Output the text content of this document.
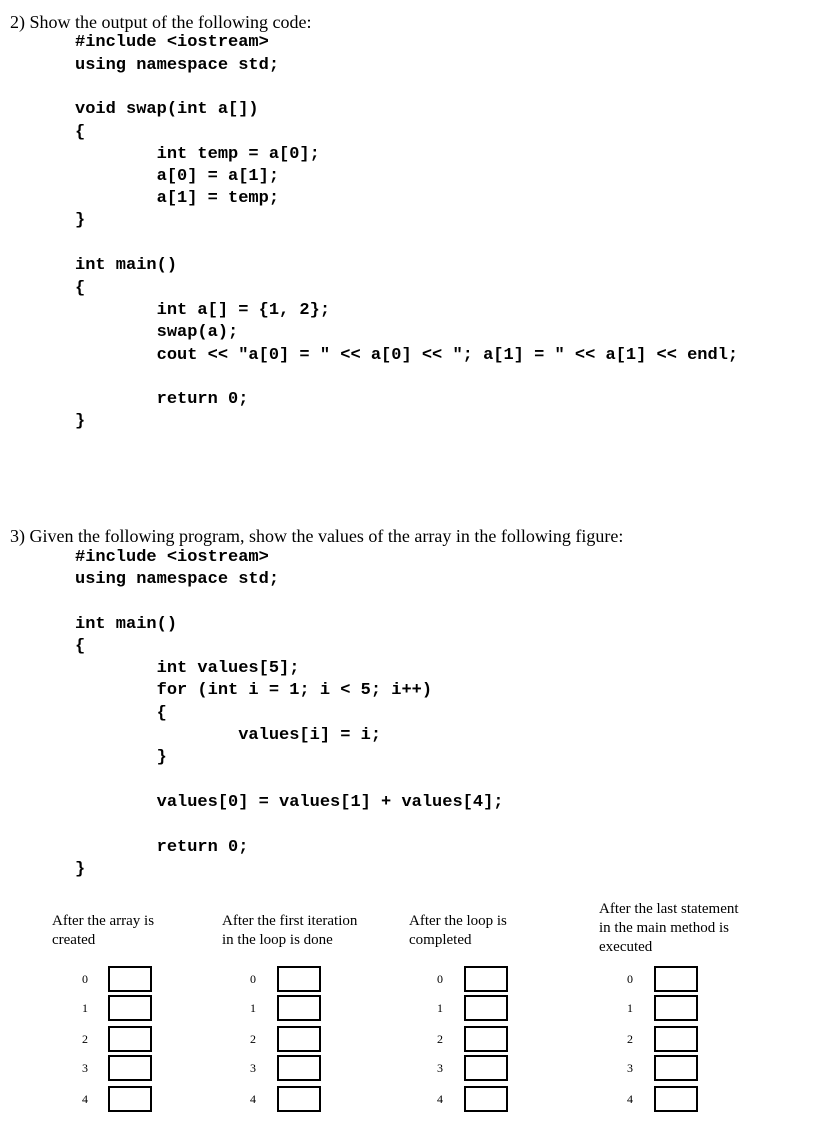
2) Show the output of the following code:
#include <iostream>
using namespace std;
void swap(int a[])
{
int temp = a[0];
a[0] = a[1];
a[1] = temp;
}
int main()
{
int a[] = {1, 2};
swap(a);
cout << "a[0] = " << a[0] << "; a[1] = " << a[1] << endl;
return 0;
}
3) Given the following program, show the values of the array in the following figure:
#include <iostream>
using namespace std;
int main()
{
int values[5];
for (int i = 1; i < 5; i++)
{
values[i] = i;
}
values[0] = values[1] + values[4];
return 0;
}
After the array is
created
0
1
2
3
4
After the first iteration
in the loop is done
0
1
2
3
4
After the loop is
completed
0
1
2
3
4
After the last statement
in the main method is
executed
0
1
2
3
4
